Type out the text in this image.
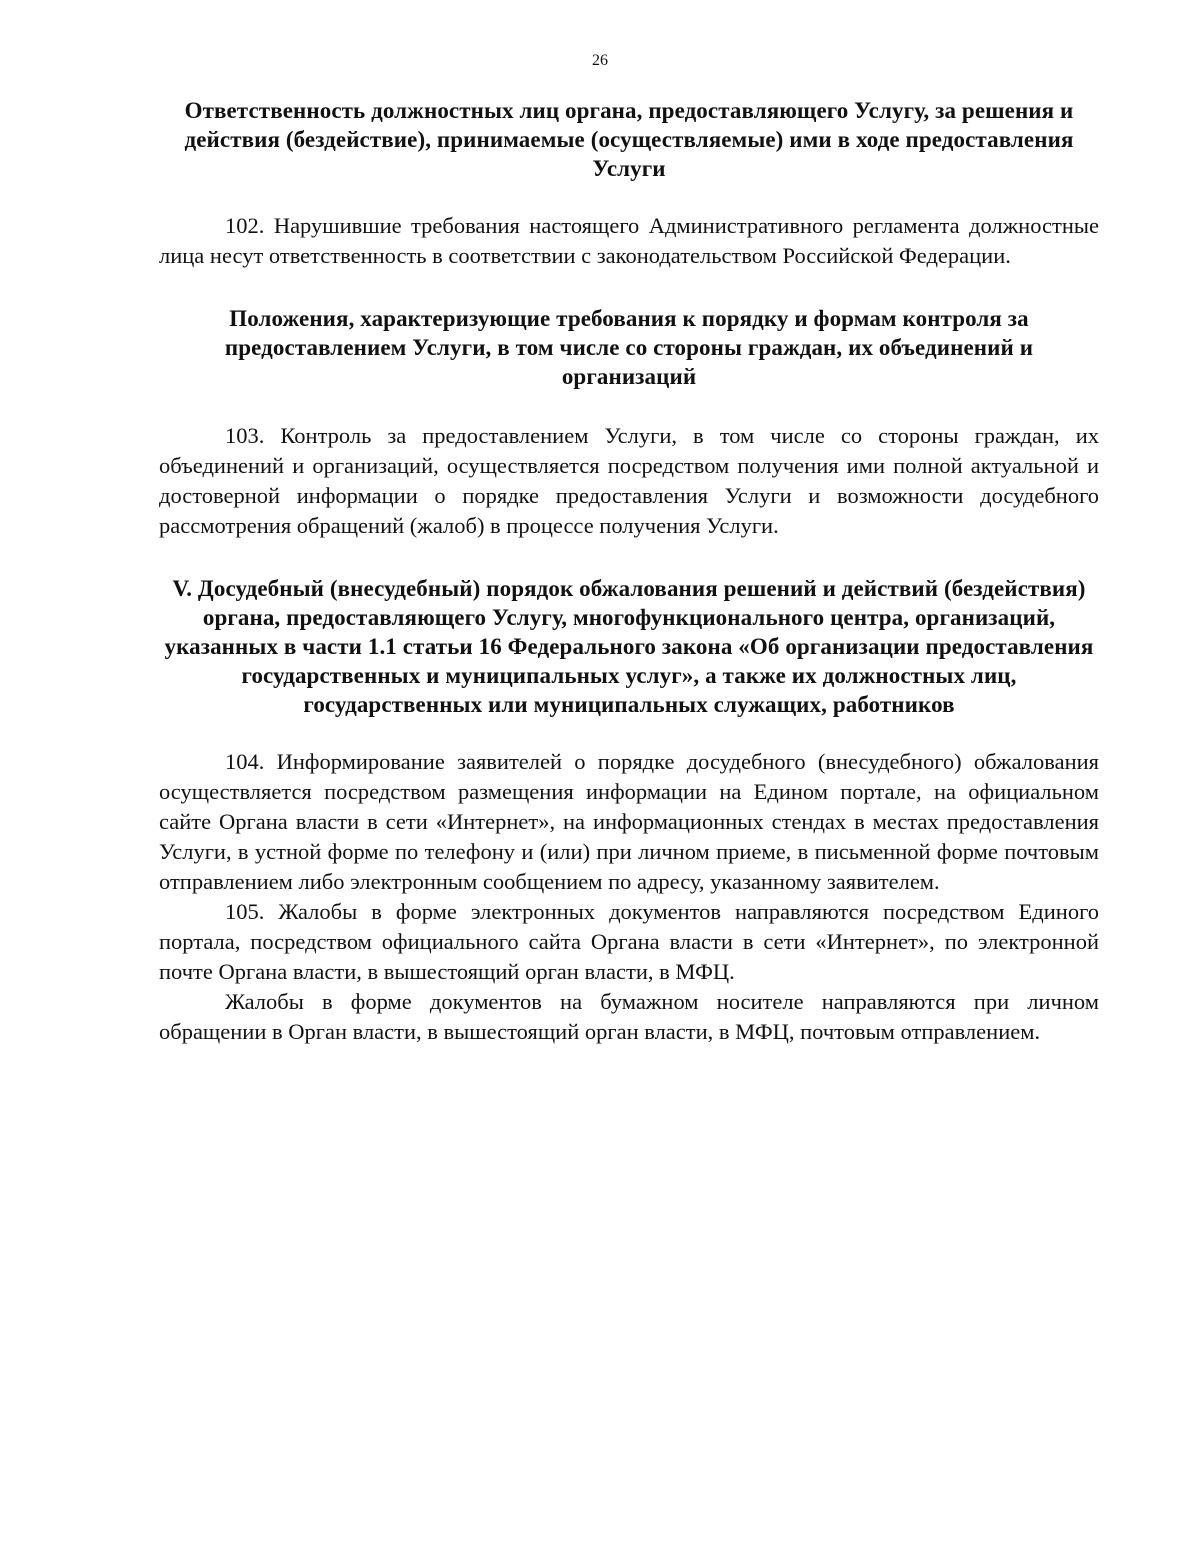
26
Ответственность должностных лиц органа, предоставляющего Услугу, за решения и действия (бездействие), принимаемые (осуществляемые) ими в ходе предоставления Услуги

102. Нарушившие требования настоящего Административного регламента должностные лица несут ответственность в соответствии с законодательством Российской Федерации.

Положения, характеризующие требования к порядку и формам контроля за предоставлением Услуги, в том числе со стороны граждан, их объединений и организаций

103. Контроль за предоставлением Услуги, в том числе со стороны граждан, их объединений и организаций, осуществляется посредством получения ими полной актуальной и достоверной информации о порядке предоставления Услуги и возможности досудебного рассмотрения обращений (жалоб) в процессе получения Услуги.

V. Досудебный (внесудебный) порядок обжалования решений и действий (бездействия) органа, предоставляющего Услугу, многофункционального центра, организаций, указанных в части 1.1 статьи 16 Федерального закона «Об организации предоставления государственных и муниципальных услуг», а также их должностных лиц, государственных или муниципальных служащих, работников

104. Информирование заявителей о порядке досудебного (внесудебного) обжалования осуществляется посредством размещения информации на Едином портале, на официальном сайте Органа власти в сети «Интернет», на информационных стендах в местах предоставления Услуги, в устной форме по телефону и (или) при личном приеме, в письменной форме почтовым отправлением либо электронным сообщением по адресу, указанному заявителем.

105. Жалобы в форме электронных документов направляются посредством Единого портала, посредством официального сайта Органа власти в сети «Интернет», по электронной почте Органа власти, в вышестоящий орган власти, в МФЦ.

Жалобы в форме документов на бумажном носителе направляются при личном обращении в Орган власти, в вышестоящий орган власти, в МФЦ, почтовым отправлением.
